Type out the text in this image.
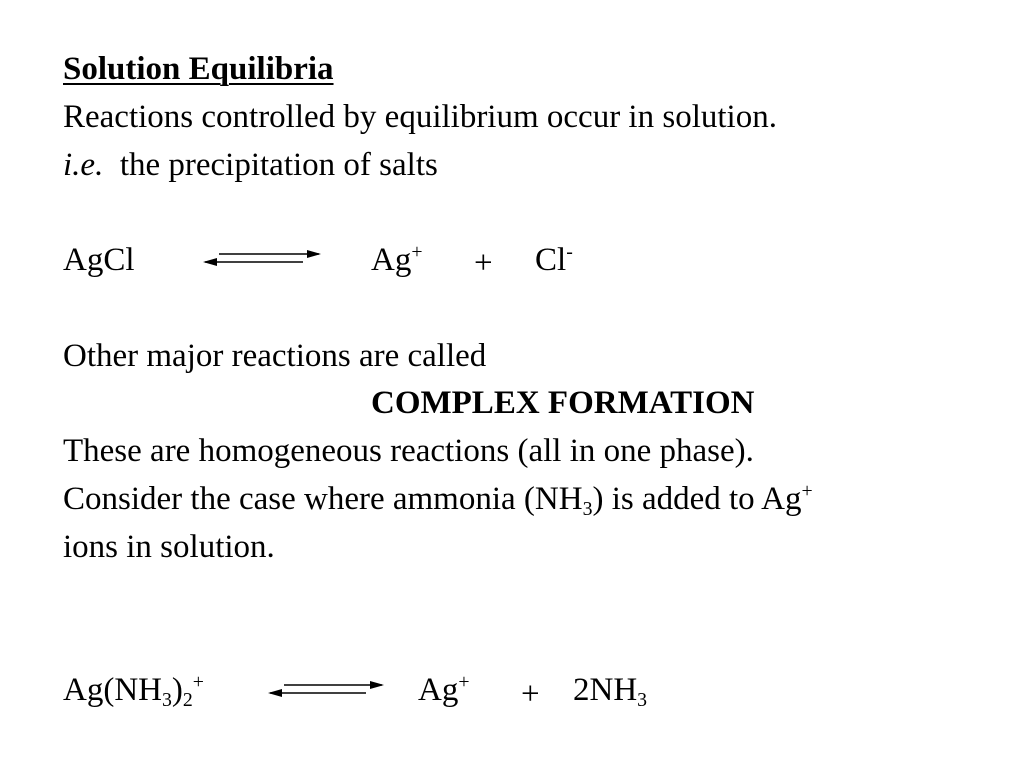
Solution Equilibria
Reactions controlled by equilibrium occur in solution.
i.e. the precipitation of salts
AgCl	Ag+ + Cl-
Other major reactions are called
COMPLEX FORMATION
These are homogeneous reactions (all in one phase).
Consider the case where ammonia $(NH_3)$ is added to Ag+
ions in solution.
$Ag(NH_3)_2^+$	$Ag^+ + 2NH_3$
